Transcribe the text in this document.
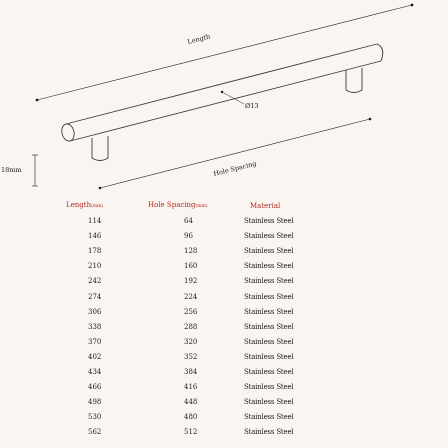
Length
Ø13
18mm	Hole Spacing
Length(mm)	Hole Spacing(mm)	Material
114	64	Stainless Steel
146	96	Stainless Steel
178	128	Stainless Steel
210	160	Stainless Steel
242	192	Stainless Steel
274	224	Stainless Steel
306	256	Stainless Steel
338	288	Stainless Steel
370	320	Stainless Steel
402	352	Stainless Steel
434	384	Stainless Steel
466	416	Stainless Steel
498	448	Stainless Steel
530	480	Stainless Steel
562	512	Stainless Steel
